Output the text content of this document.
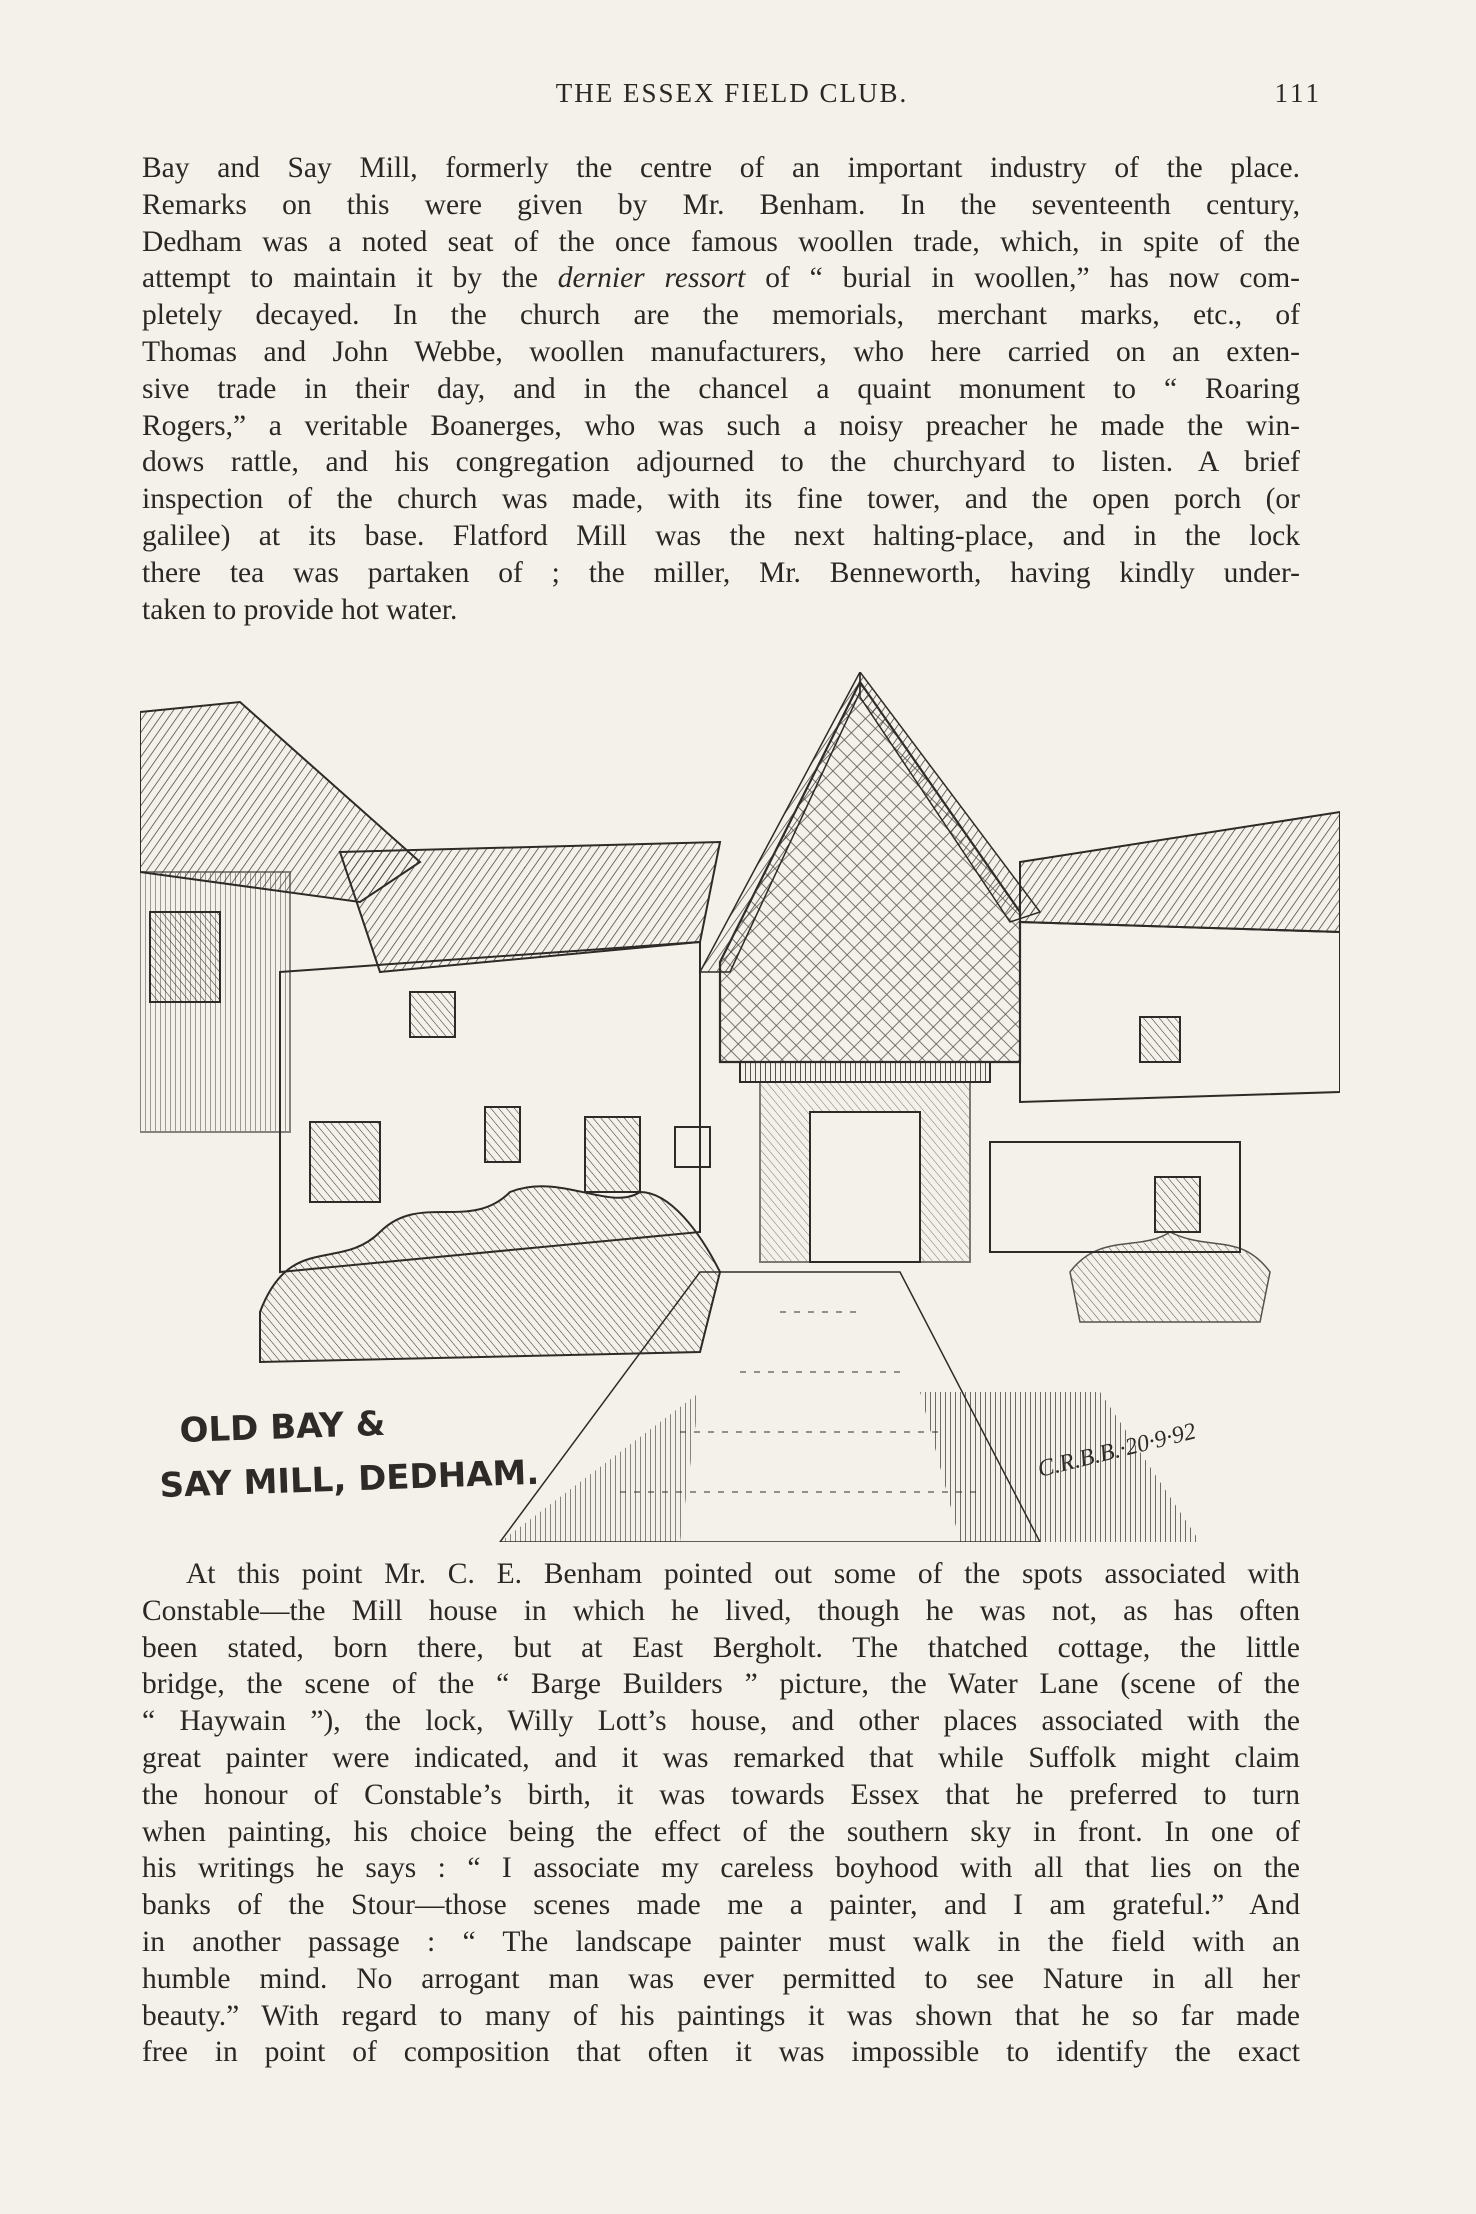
THE ESSEX FIELD CLUB.	111
Bay and Say Mill, formerly the centre of an important industry of the place.
Remarks on this were given by Mr. Benham. In the seventeenth century,
Dedham was a noted seat of the once famous woollen trade, which, in spite of the
attempt to maintain it by the dernier ressort of “ burial in woollen,” has now com-
pletely decayed. In the church are the memorials, merchant marks, etc., of
Thomas and John Webbe, woollen manufacturers, who here carried on an exten-
sive trade in their day, and in the chancel a quaint monument to “ Roaring
Rogers,” a veritable Boanerges, who was such a noisy preacher he made the win-
dows rattle, and his congregation adjourned to the churchyard to listen. A brief
inspection of the church was made, with its fine tower, and the open porch (or
galilee) at its base. Flatford Mill was the next halting-place, and in the lock
there tea was partaken of ; the miller, Mr. Benneworth, having kindly under-
taken to provide hot water.
OLD BAY &
SAY MILL, DEDHAM.	C.R.B.B.·20·9·92
At this point Mr. C. E. Benham pointed out some of the spots associated with
Constable—the Mill house in which he lived, though he was not, as has often
been stated, born there, but at East Bergholt. The thatched cottage, the little
bridge, the scene of the “ Barge Builders ” picture, the Water Lane (scene of the
“ Haywain ”), the lock, Willy Lott’s house, and other places associated with the
great painter were indicated, and it was remarked that while Suffolk might claim
the honour of Constable’s birth, it was towards Essex that he preferred to turn
when painting, his choice being the effect of the southern sky in front. In one of
his writings he says : “ I associate my careless boyhood with all that lies on the
banks of the Stour—those scenes made me a painter, and I am grateful.” And
in another passage : “ The landscape painter must walk in the field with an
humble mind. No arrogant man was ever permitted to see Nature in all her
beauty.” With regard to many of his paintings it was shown that he so far made
free in point of composition that often it was impossible to identify the exact
